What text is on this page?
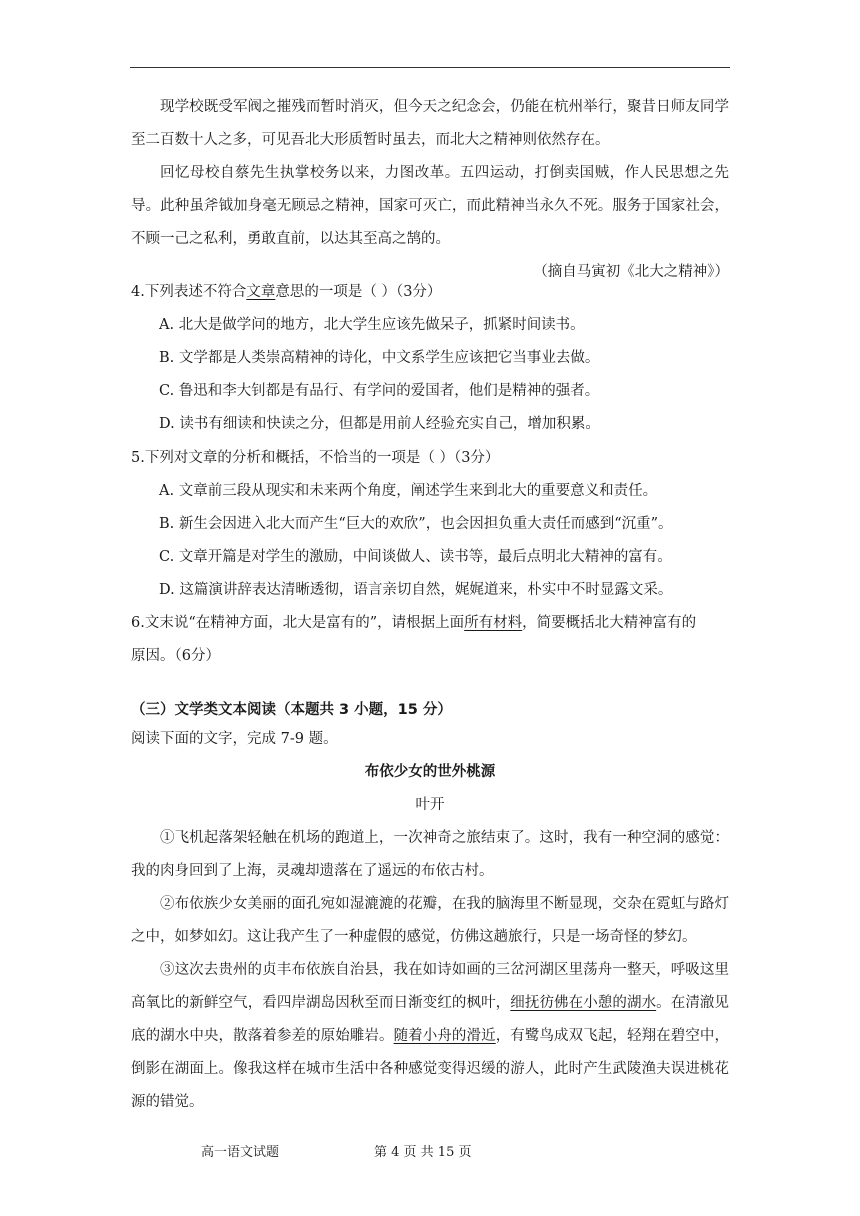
现学校既受军阀之摧残而暂时消灭，但今天之纪念会，仍能在杭州举行，聚昔日师友同学至二百数十人之多，可见吾北大形质暂时虽去，而北大之精神则依然存在。

回忆母校自蔡先生执掌校务以来，力图改革。五四运动，打倒卖国贼，作人民思想之先导。此种虽斧钺加身毫无顾忌之精神，国家可灭亡，而此精神当永久不死。服务于国家社会，不顾一己之私利，勇敢直前，以达其至高之鹄的。

（摘自马寅初《北大之精神》）

4.下列表述不符合文章意思的一项是（ ）（3分）

A. 北大是做学问的地方，北大学生应该先做呆子，抓紧时间读书。

B. 文学都是人类崇高精神的诗化，中文系学生应该把它当事业去做。

C. 鲁迅和李大钊都是有品行、有学问的爱国者，他们是精神的强者。

D. 读书有细读和快读之分，但都是用前人经验充实自己，增加积累。

5.下列对文章的分析和概括，不恰当的一项是（ ）（3分）

A. 文章前三段从现实和未来两个角度，阐述学生来到北大的重要意义和责任。

B. 新生会因进入北大而产生“巨大的欢欣”，也会因担负重大责任而感到“沉重”。

C. 文章开篇是对学生的激励，中间谈做人、读书等，最后点明北大精神的富有。

D. 这篇演讲辞表达清晰透彻，语言亲切自然，娓娓道来，朴实中不时显露文采。

6.文末说“在精神方面，北大是富有的”，请根据上面所有材料，简要概括北大精神富有的

原因。（6分）

（三）文学类文本阅读（本题共 3 小题，15 分）

阅读下面的文字，完成 7-9 题。

布依少女的世外桃源

叶开

①飞机起落架轻触在机场的跑道上，一次神奇之旅结束了。这时，我有一种空洞的感觉：我的肉身回到了上海，灵魂却遗落在了遥远的布依古村。

②布依族少女美丽的面孔宛如湿漉漉的花瓣，在我的脑海里不断显现，交杂在霓虹与路灯之中，如梦如幻。这让我产生了一种虚假的感觉，仿佛这趟旅行，只是一场奇怪的梦幻。

③这次去贵州的贞丰布依族自治县，我在如诗如画的三岔河湖区里荡舟一整天，呼吸这里高氧比的新鲜空气，看四岸湖岛因秋至而日渐变红的枫叶，细抚彷佛在小憩的湖水。在清澈见底的湖水中央，散落着参差的原始雕岩。随着小舟的滑近，有鹭鸟成双飞起，轻翔在碧空中，倒影在湖面上。像我这样在城市生活中各种感觉变得迟缓的游人，此时产生武陵渔夫误进桃花源的错觉。

高一语文试题	第 4 页 共 15 页
